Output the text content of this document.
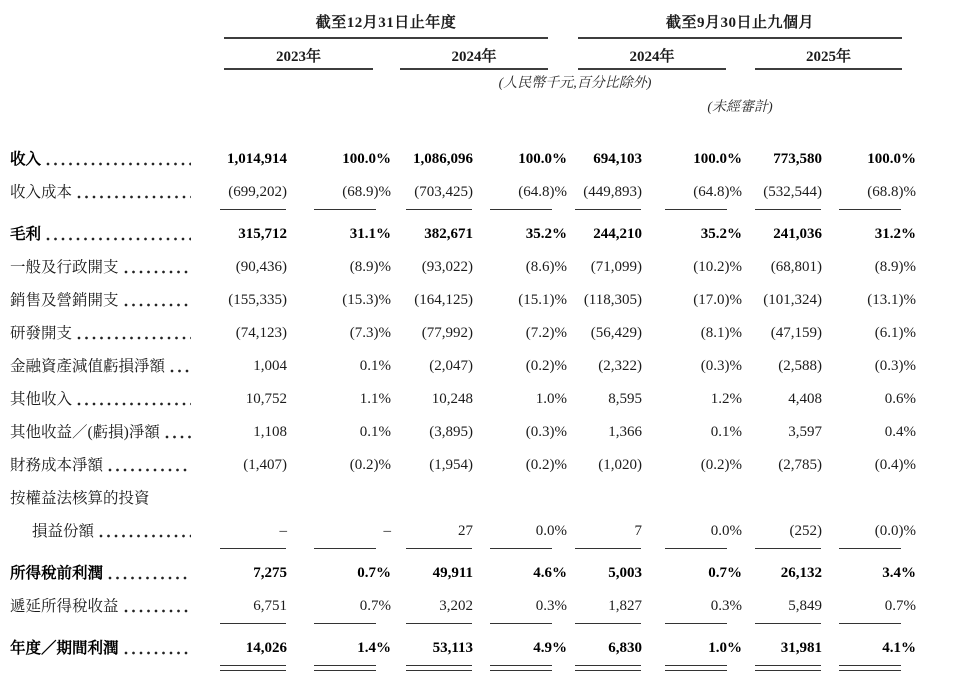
截至12月31日止年度	截至9月30日止九個月
2023年	2024年	2024年	2025年
(人民幣千元,百分比除外)
(未經審計)
收入	1,014,914	100.0%	1,086,096	100.0%	694,103	100.0%	773,580	100.0%

收入成本	(699,202)	(68.9)%	(703,425)	(64.8)%	(449,893)	(64.8)%	(532,544)	(68.8)%

毛利	315,712	31.1%	382,671	35.2%	244,210	35.2%	241,036	31.2%

一般及行政開支	(90,436)	(8.9)%	(93,022)	(8.6)%	(71,099)	(10.2)%	(68,801)	(8.9)%

銷售及營銷開支	(155,335)	(15.3)%	(164,125)	(15.1)%	(118,305)	(17.0)%	(101,324)	(13.1)%

研發開支	(74,123)	(7.3)%	(77,992)	(7.2)%	(56,429)	(8.1)%	(47,159)	(6.1)%

金融資產減值虧損淨額	1,004	0.1%	(2,047)	(0.2)%	(2,322)	(0.3)%	(2,588)	(0.3)%

其他收入	10,752	1.1%	10,248	1.0%	8,595	1.2%	4,408	0.6%

其他收益／(虧損)淨額	1,108	0.1%	(3,895)	(0.3)%	1,366	0.1%	3,597	0.4%

財務成本淨額	(1,407)	(0.2)%	(1,954)	(0.2)%	(1,020)	(0.2)%	(2,785)	(0.4)%

按權益法核算的投資								

損益份額	–	–	27	0.0%	7	0.0%	(252)	(0.0)%

所得稅前利潤	7,275	0.7%	49,911	4.6%	5,003	0.7%	26,132	3.4%

遞延所得稅收益	6,751	0.7%	3,202	0.3%	1,827	0.3%	5,849	0.7%

年度／期間利潤	14,026	1.4%	53,113	4.9%	6,830	1.0%	31,981	4.1%
